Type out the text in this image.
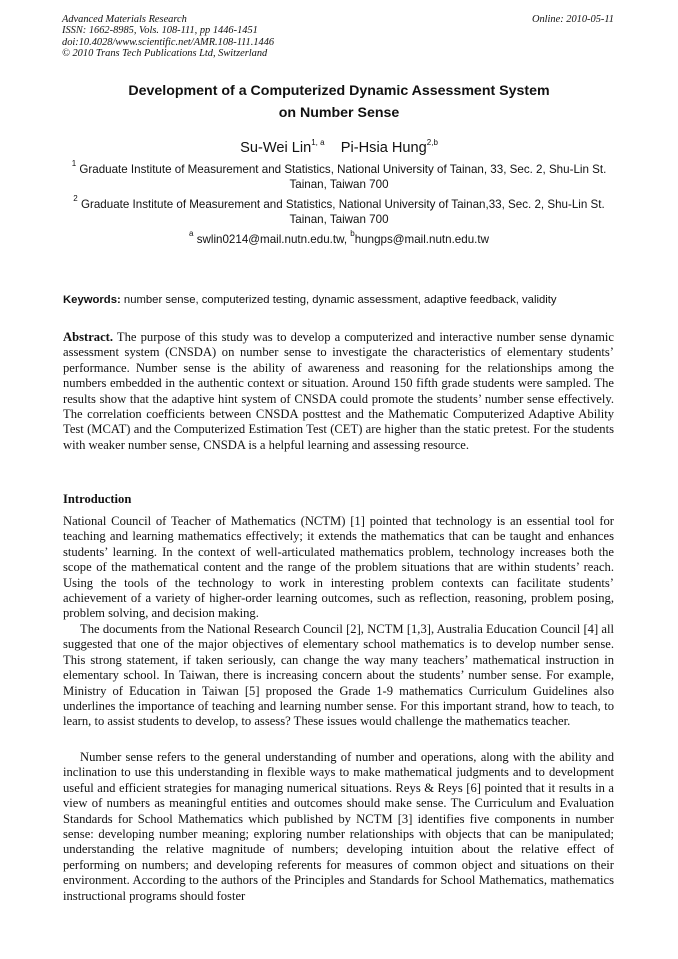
Advanced Materials Research
ISSN: 1662-8985, Vols. 108-111, pp 1446-1451
doi:10.4028/www.scientific.net/AMR.108-111.1446
© 2010 Trans Tech Publications Ltd, Switzerland
Online: 2010-05-11
Development of a Computerized Dynamic Assessment System
on Number Sense
Su-Wei Lin$^{1, a}$ Pi-Hsia Hung$^{2,b}$
$^1$ Graduate Institute of Measurement and Statistics, National University of Tainan, 33, Sec. 2, Shu-Lin St. Tainan, Taiwan 700
$^2$ Graduate Institute of Measurement and Statistics, National University of Tainan,33, Sec. 2, Shu-Lin St. Tainan, Taiwan 700
$^a$ swlin0214@mail.nutn.edu.tw, $^b$hungps@mail.nutn.edu.tw
Keywords: number sense, computerized testing, dynamic assessment, adaptive feedback, validity
Abstract. The purpose of this study was to develop a computerized and interactive number sense dynamic assessment system (CNSDA) on number sense to investigate the characteristics of elementary students’ performance. Number sense is the ability of awareness and reasoning for the relationships among the numbers embedded in the authentic context or situation. Around 150 fifth grade students were sampled. The results show that the adaptive hint system of CNSDA could promote the students’ number sense effectively. The correlation coefficients between CNSDA posttest and the Mathematic Computerized Adaptive Ability Test (MCAT) and the Computerized Estimation Test (CET) are higher than the static pretest. For the students with weaker number sense, CNSDA is a helpful learning and assessing resource.
Introduction
National Council of Teacher of Mathematics (NCTM) [1] pointed that technology is an essential tool for teaching and learning mathematics effectively; it extends the mathematics that can be taught and enhances students’ learning. In the context of well-articulated mathematics problem, technology increases both the scope of the mathematical content and the range of the problem situations that are within students’ reach. Using the tools of the technology to work in interesting problem contexts can facilitate students’ achievement of a variety of higher-order learning outcomes, such as reflection, reasoning, problem posing, problem solving, and decision making.
The documents from the National Research Council [2], NCTM [1,3], Australia Education Council [4] all suggested that one of the major objectives of elementary school mathematics is to develop number sense. This strong statement, if taken seriously, can change the way many teachers’ mathematical instruction in elementary school. In Taiwan, there is increasing concern about the students’ number sense. For example, Ministry of Education in Taiwan [5] proposed the Grade 1-9 mathematics Curriculum Guidelines also underlines the importance of teaching and learning number sense. For this important strand, how to teach, to learn, to assist students to develop, to assess? These issues would challenge the mathematics teacher.
Number sense refers to the general understanding of number and operations, along with the ability and inclination to use this understanding in flexible ways to make mathematical judgments and to development useful and efficient strategies for managing numerical situations. Reys & Reys [6] pointed that it results in a view of numbers as meaningful entities and outcomes should make sense. The Curriculum and Evaluation Standards for School Mathematics which published by NCTM [3] identifies five components in number sense: developing number meaning; exploring number relationships with objects that can be manipulated; understanding the relative magnitude of numbers; developing intuition about the relative effect of performing on numbers; and developing referents for measures of common object and situations on their environment. According to the authors of the Principles and Standards for School Mathematics, mathematics instructional programs should foster
